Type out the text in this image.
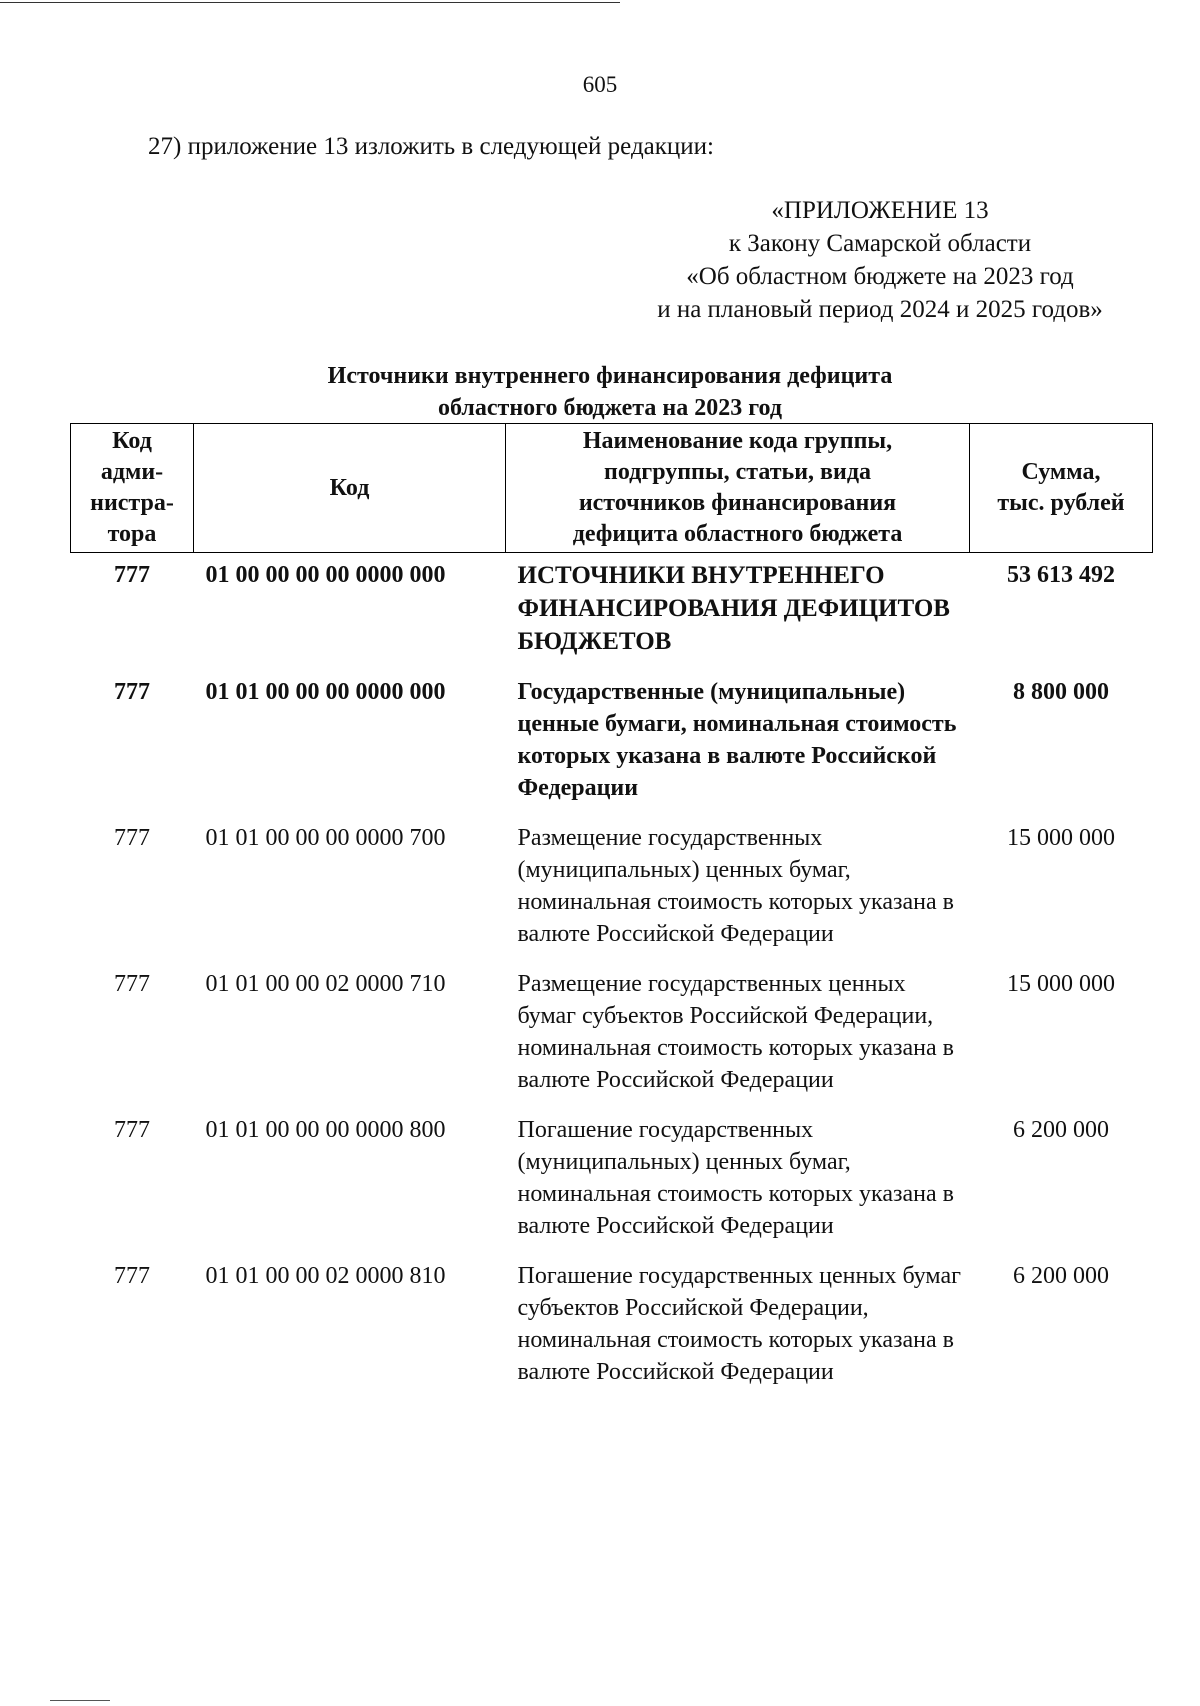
605
27) приложение 13 изложить в следующей редакции:
«ПРИЛОЖЕНИЕ 13
к Закону Самарской области
«Об областном бюджете на 2023 год
и на плановый период 2024 и 2025 годов»
Источники внутреннего финансирования дефицита
областного бюджета на 2023 год
Код
адми-
нистра-
тора	Код	Наименование кода группы,
подгруппы, статьи, вида
источников финансирования
дефицита областного бюджета	Сумма,
тыс. рублей
777	01 00 00 00 00 0000 000	ИСТОЧНИКИ ВНУТРЕННЕГО ФИНАНСИРОВАНИЯ ДЕФИЦИТОВ БЮДЖЕТОВ	53 613 492
777	01 01 00 00 00 0000 000	Государственные (муниципальные) ценные бумаги, номинальная стоимость которых указана в валюте Российской Федерации	8 800 000
777	01 01 00 00 00 0000 700	Размещение государственных (муниципальных) ценных бумаг, номинальная стоимость которых указана в валюте Российской Федерации	15 000 000
777	01 01 00 00 02 0000 710	Размещение государственных ценных бумаг субъектов Российской Федерации, номинальная стоимость которых указана в валюте Российской Федерации	15 000 000
777	01 01 00 00 00 0000 800	Погашение государственных (муниципальных) ценных бумаг, номинальная стоимость которых указана в валюте Российской Федерации	6 200 000
777	01 01 00 00 02 0000 810	Погашение государственных ценных бумаг субъектов Российской Федерации, номинальная стоимость которых указана в валюте Российской Федерации	6 200 000
